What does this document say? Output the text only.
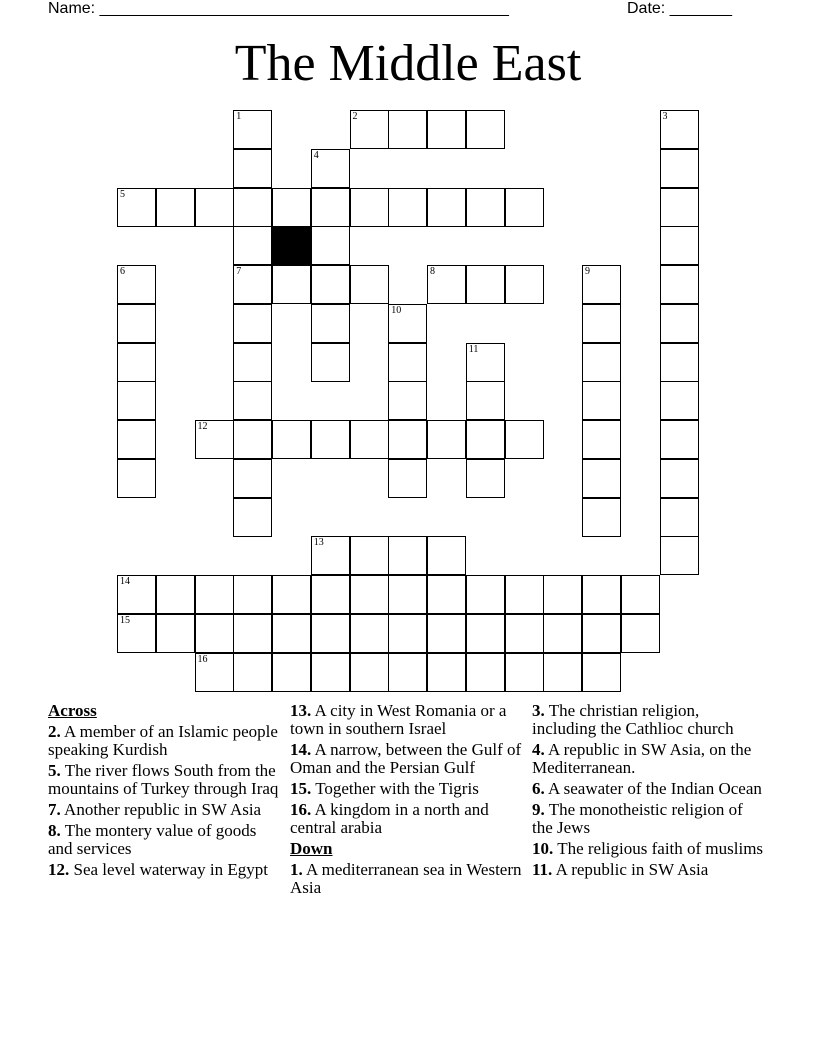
Name: ______________________________________________	Date: _______
The Middle East
1	2	3
4
5
6	7	8	9
10
11
12
13
14
15
16
Across
2. A member of an Islamic people speaking Kurdish
5. The river flows South from the mountains of Turkey through Iraq
7. Another republic in SW Asia
8. The montery value of goods and services
12. Sea level waterway in Egypt
13. A city in West Romania or a town in southern Israel
14. A narrow, between the Gulf of Oman and the Persian Gulf
15. Together with the Tigris
16. A kingdom in a north and central arabia
Down
1. A mediterranean sea in Western Asia
3. The christian religion, including the Cathlioc church
4. A republic in SW Asia, on the Mediterranean.
6. A seawater of the Indian Ocean
9. The monotheistic religion of the Jews
10. The religious faith of muslims
11. A republic in SW Asia
